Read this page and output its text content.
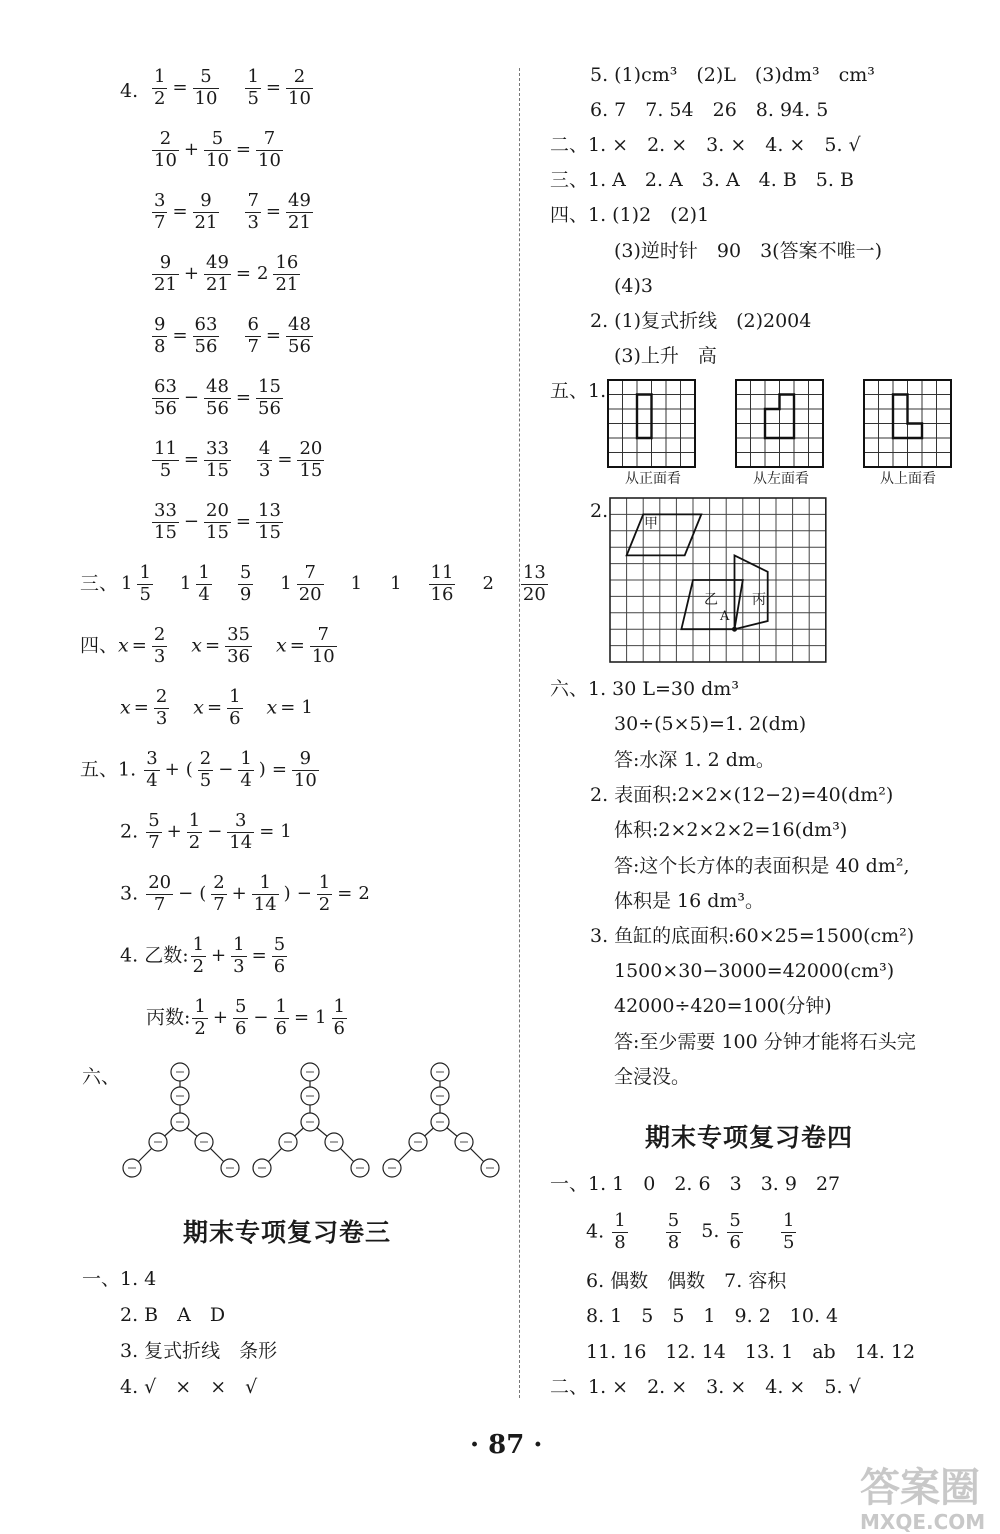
4. $\frac{1}{2} = \frac{5}{10} \frac{1}{5} = \frac{2}{10}$
$\frac{2}{10} + \frac{5}{10} = \frac{7}{10}$
$\frac{3}{7} = \frac{9}{21} \frac{7}{3} = \frac{49}{21}$
$\frac{9}{21} + \frac{49}{21} = 2 \frac{16}{21}$
$\frac{9}{8} = \frac{63}{56} \frac{6}{7} = \frac{48}{56}$
$\frac{63}{56} - \frac{48}{56} = \frac{15}{56}$
$\frac{11}{5} = \frac{33}{15} \frac{4}{3} = \frac{20}{15}$
$\frac{33}{15} - \frac{20}{15} = \frac{13}{15}$
三、 $1 \frac{1}{5} 1 \frac{1}{4} \frac{5}{9} 1 \frac{7}{20} 1$ $1 \frac{11}{16} 2 \frac{13}{20}$
四、$x = \frac{2}{3}$ $x = \frac{35}{36}$ $x = \frac{7}{10}$
$x = \frac{2}{3}$ $x = \frac{1}{6}$ x = 1
五、1. $\frac{3}{4}$ + ( $\frac{2}{5} - \frac{1}{4}$ ) = $\frac{9}{10}$
2. $\frac{5}{7} + \frac{1}{2} - \frac{3}{14} = 1$
3. $\frac{20}{7}$ − ( $\frac{2}{7} + \frac{1}{14}$ ) − $\frac{1}{2} = 2$
4. 乙数: $\frac{1}{2} + \frac{1}{3} = \frac{5}{6}$
丙数: $\frac{1}{2} + \frac{5}{6} - \frac{1}{6} = 1 \frac{1}{6}$
六、
期末专项复习卷三
一、1. 4
2. B　A　D
3. 复式折线　条形
4. √　×　×　√
5. (1)cm³　(2)L　(3)dm³　cm³
6. 7　7. 54　26　8. 94. 5
二、1. ×　2. ×　3. ×　4. ×　5. √
三、1. A　2. A　3. A　4. B　5. B
四、1. (1)2　(2)1
(3)逆时针　90　3(答案不唯一)
(4)3
2. (1)复式折线　(2)2004
(3)上升　高
五、1.
2.
六、1. 30 L=30 dm³
30÷(5×5)=1. 2(dm)
答:水深 1. 2 dm。
2. 表面积:2×2×(12−2)=40(dm²)
体积:2×2×2×2=16(dm³)
答:这个长方体的表面积是 40 dm²,
体积是 16 dm³。
3. 鱼缸的底面积:60×25=1500(cm²)
1500×30−3000=42000(cm³)
42000÷420=100(分钟)
答:至少需要 100 分钟才能将石头完
全浸没。
从正面看	从左面看	从上面看
甲
乙 丙
A
期末专项复习卷四
一、1. 1　0　2. 6　3　3. 9　27
4. $\frac{1}{8}$
$\frac{5}{8} 5$. $\frac{5}{6}$
$\frac{1}{5}$
6. 偶数　偶数　7. 容积
8. 1　5　5　1　9. 2　10. 4
11. 16　12. 14　13. 1　ab　14. 12
二、1. ×　2. ×　3. ×　4. ×　5. √
· 87 ·
答案圈
MXQE.COM
